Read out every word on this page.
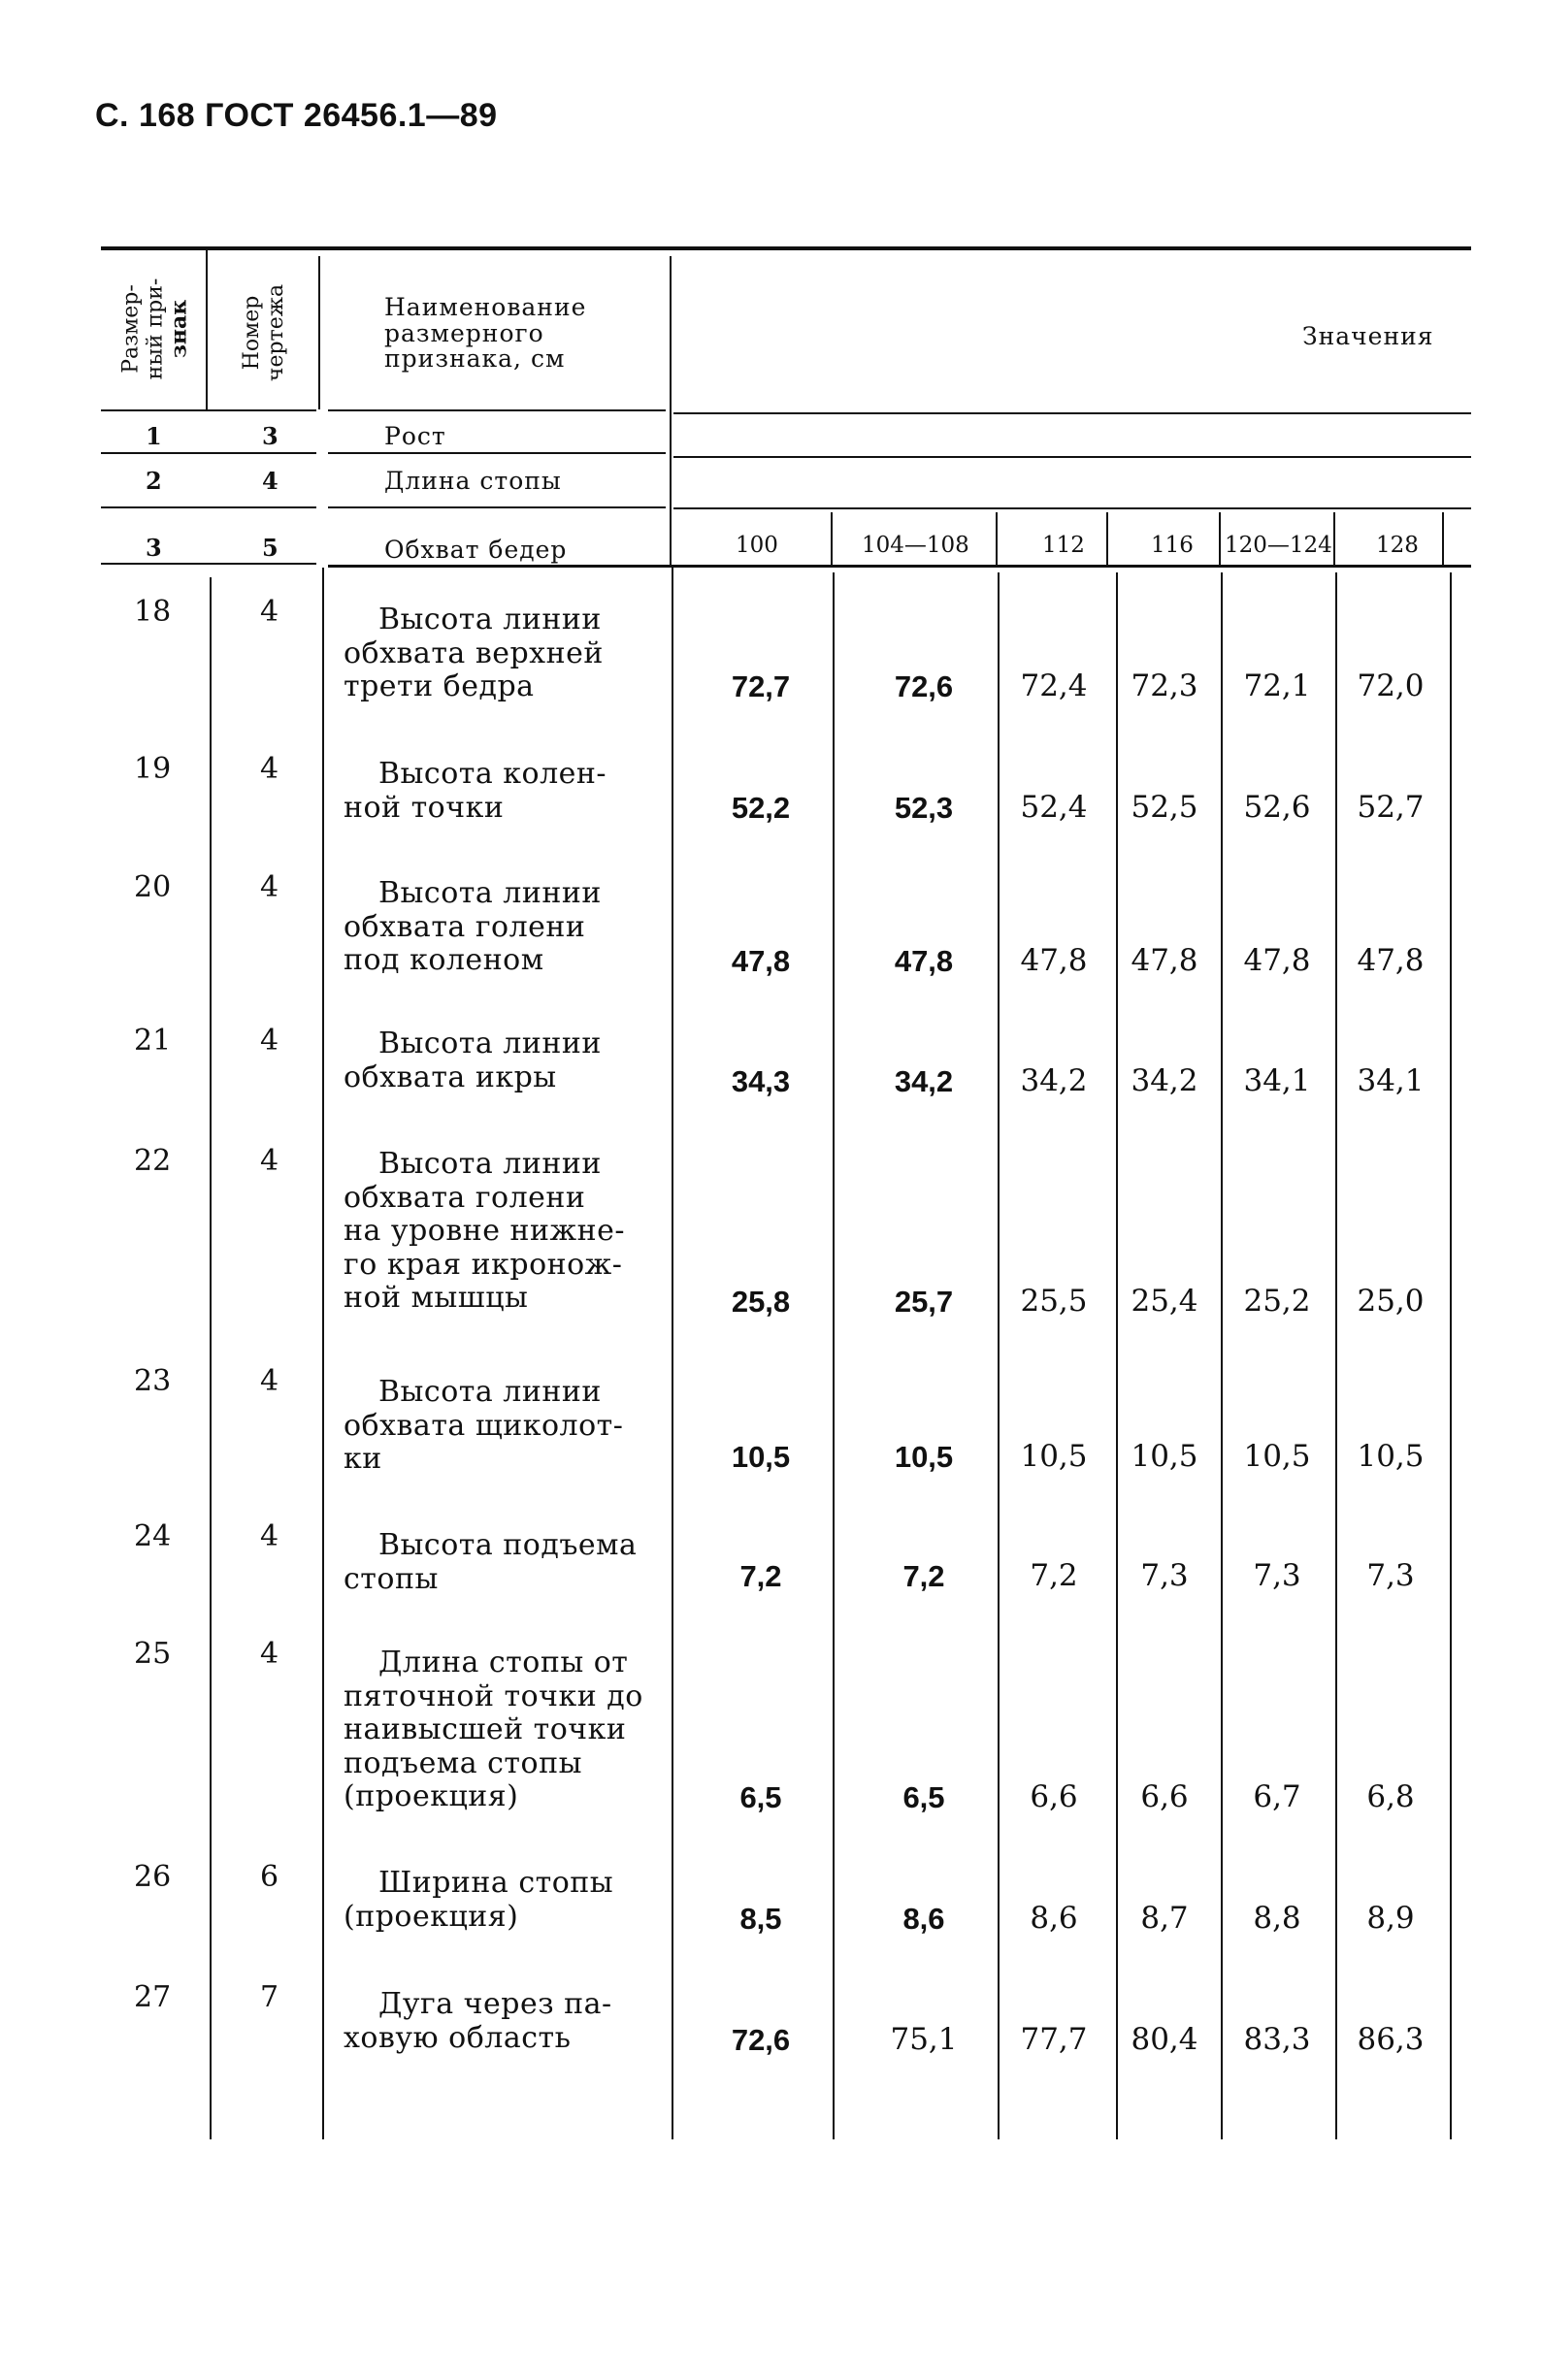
С. 168 ГОСТ 26456.1—89
Размер- ный при- знак Номер чертежа	Наименование
размерного
признака, см
Значения
1	3	Рост
2	4	Длина стопы
3	5	Обхват бедер	100	104—108	112	116 120—124 128
18	4	Высота линии
обхвата верхней
трети бедра	72,7	72,6	72,4	72,3	72,1	72,0
19	4	Высота колен-
ной точки	52,2	52,3	52,4	52,5	52,6	52,7
20	4	Высота линии
обхвата голени
под коленом	47,8	47,8	47,8	47,8	47,8	47,8
21	4	Высота линии
обхвата икры	34,3	34,2	34,2	34,2	34,1	34,1
22	4	Высота линии
обхвата голени
на уровне нижне-
го края икронож-
ной мышцы	25,8	25,7	25,5	25,4	25,2	25,0
23	4	Высота линии
обхвата щиколот-
ки	10,5	10,5	10,5	10,5	10,5	10,5
24	4	Высота подъема
стопы	7,2	7,2	7,2	7,3	7,3	7,3
25	4	Длина стопы от
пяточной точки до
наивысшей точки
подъема стопы
(проекция)	6,5	6,5	6,6	6,6	6,7	6,8
26	6	Ширина стопы
(проекция)	8,5	8,6	8,6	8,7	8,8	8,9
27	7	Дуга через па-
ховую область	72,6	75,1	77,7	80,4	83,3	86,3
